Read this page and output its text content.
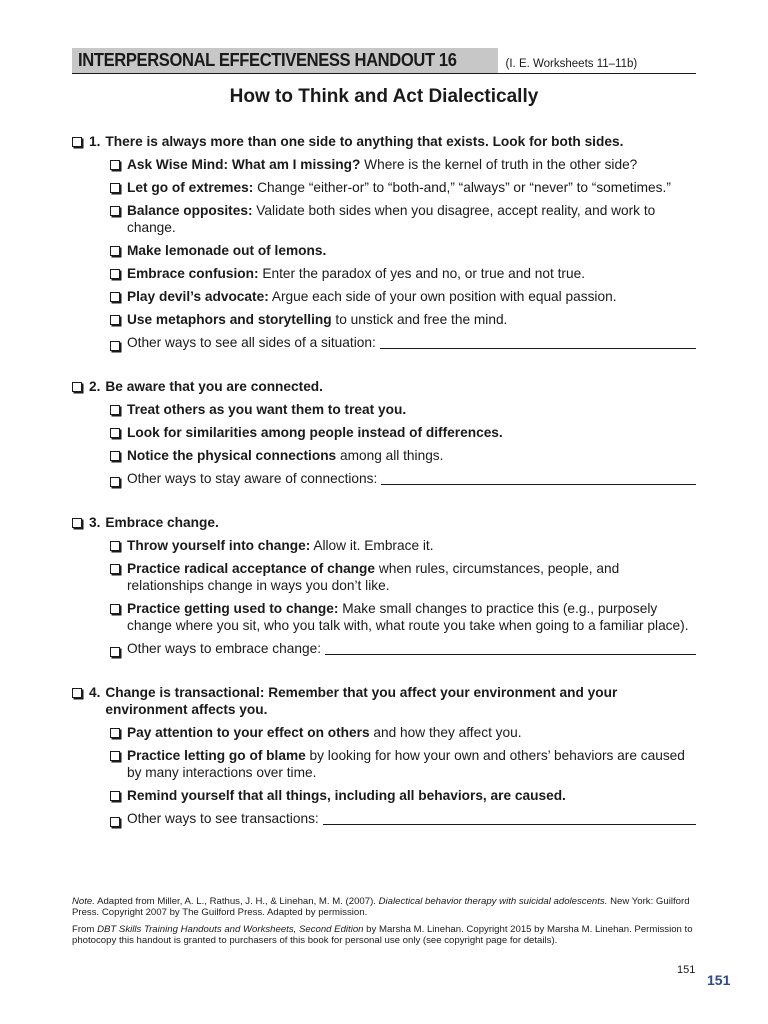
INTERPERSONAL EFFECTIVENESS HANDOUT 16	(I. E. Worksheets 11–11b)
How to Think and Act Dialectically
1. There is always more than one side to anything that exists. Look for both sides.
Ask Wise Mind: What am I missing? Where is the kernel of truth in the other side?
Let go of extremes: Change “either-or” to “both-and,” “always” or “never” to “sometimes.”
Balance opposites: Validate both sides when you disagree, accept reality, and work to change.
Make lemonade out of lemons.
Embrace confusion: Enter the paradox of yes and no, or true and not true.
Play devil’s advocate: Argue each side of your own position with equal passion.
Use metaphors and storytelling to unstick and free the mind.
Other ways to see all sides of a situation:
2. Be aware that you are connected.
Treat others as you want them to treat you.
Look for similarities among people instead of differences.
Notice the physical connections among all things.
Other ways to stay aware of connections:
3. Embrace change.
Throw yourself into change: Allow it. Embrace it.
Practice radical acceptance of change when rules, circumstances, people, and relationships change in ways you don’t like.
Practice getting used to change: Make small changes to practice this (e.g., purposely change where you sit, who you talk with, what route you take when going to a familiar place).
Other ways to embrace change:
4. Change is transactional: Remember that you affect your environment and your environment affects you.
Pay attention to your effect on others and how they affect you.
Practice letting go of blame by looking for how your own and others’ behaviors are caused by many interactions over time.
Remind yourself that all things, including all behaviors, are caused.
Other ways to see transactions:

Note. Adapted from Miller, A. L., Rathus, J. H., & Linehan, M. M. (2007). Dialectical behavior therapy with suicidal adolescents. New York: Guilford Press. Copyright 2007 by The Guilford Press. Adapted by permission.

From DBT Skills Training Handouts and Worksheets, Second Edition by Marsha M. Linehan. Copyright 2015 by Marsha M. Linehan. Permission to photocopy this handout is granted to purchasers of this book for personal use only (see copyright page for details).

151
151
